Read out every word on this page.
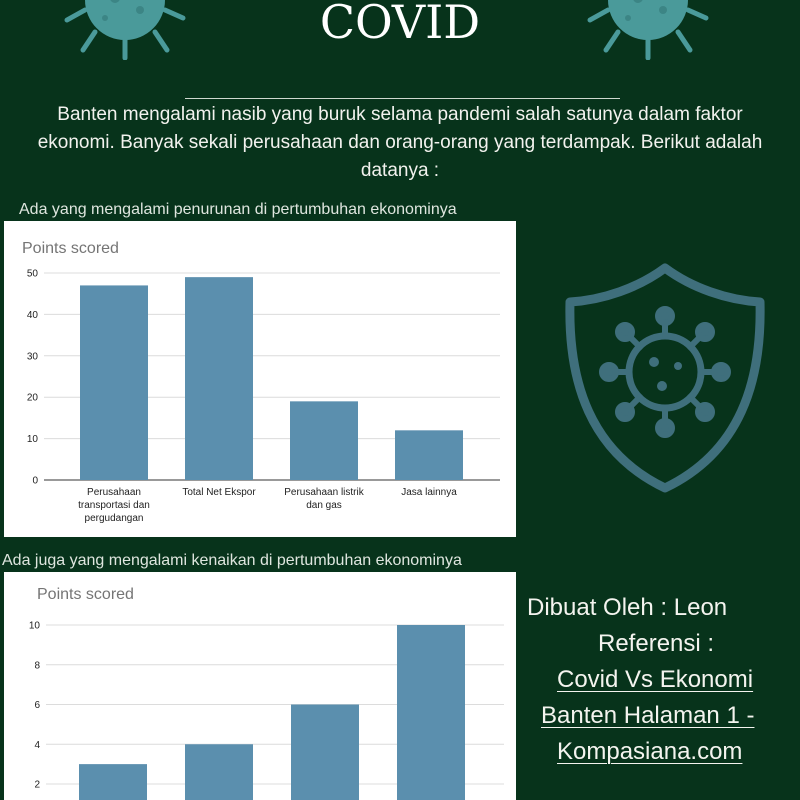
COVID
Banten mengalami nasib yang buruk selama pandemi salah satunya dalam faktor ekonomi. Banyak sekali perusahaan dan orang-orang yang terdampak. Berikut adalah datanya :
Ada yang mengalami penurunan di pertumbuhan ekonominya
Points scored
0
10
20
30
40
50
Perusahaan
transportasi dan
pergudangan
Total Net Ekspor	Perusahaan listrik
dan gas
Jasa lainnya
Ada juga yang mengalami kenaikan di pertumbuhan ekonominya
Points scored
2
4
6
8
10
Dibuat Oleh : Leon
Referensi :
Covid Vs Ekonomi
Banten Halaman 1 -
Kompasiana.com
